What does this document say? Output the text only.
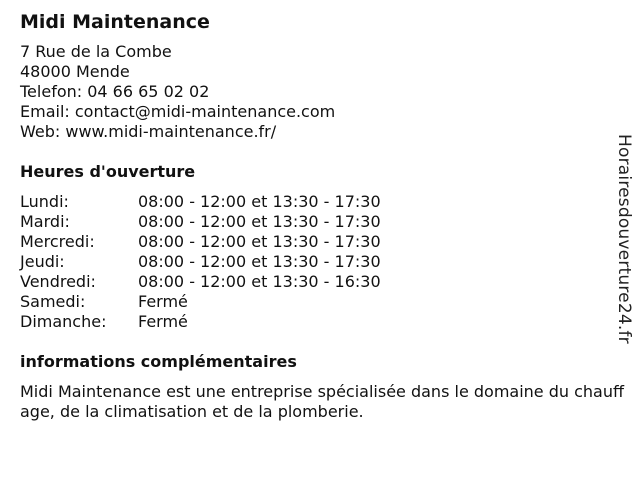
Midi Maintenance
7 Rue de la Combe
48000 Mende
Telefon: 04 66 65 02 02
Email: contact@midi-maintenance.com
Web: www.midi-maintenance.fr/
Heures d'ouverture
Lundi:	08:00 - 12:00 et 13:30 - 17:30
Mardi:	08:00 - 12:00 et 13:30 - 17:30
Mercredi:	08:00 - 12:00 et 13:30 - 17:30
Jeudi:	08:00 - 12:00 et 13:30 - 17:30
Vendredi:	08:00 - 12:00 et 13:30 - 16:30
Samedi:	Fermé
Dimanche:	Fermé
informations complémentaires
Midi Maintenance est une entreprise spécialisée dans le domaine du chauffage, de la climatisation et de la plomberie.
Horairesdouverture24.fr
